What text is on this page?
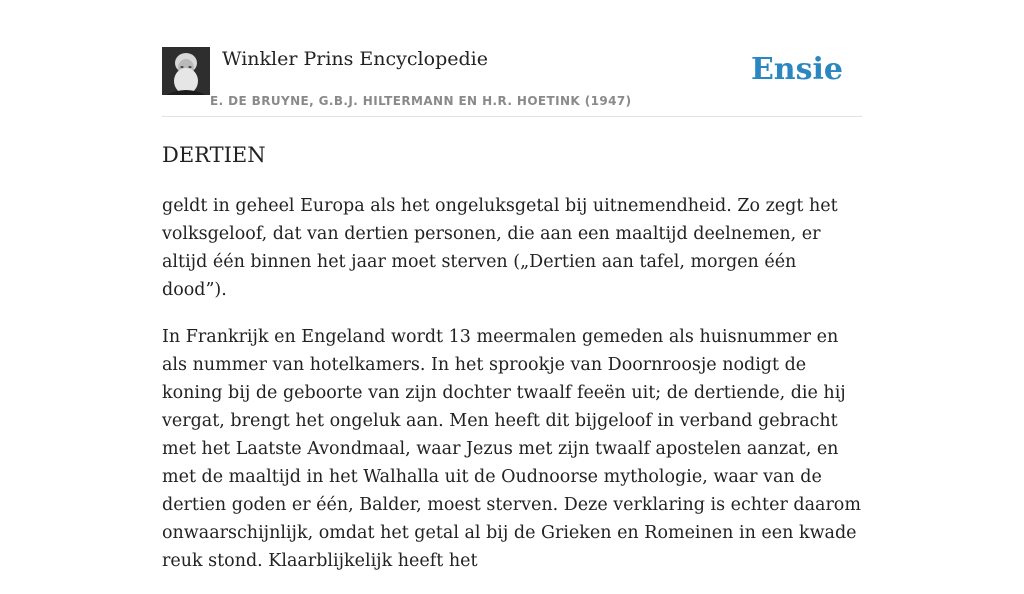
Winkler Prins Encyclopedie
E. DE BRUYNE, G.B.J. HILTERMANN EN H.R. HOETINK (1947)
Ensie
DERTIEN

geldt in geheel Europa als het ongeluksgetal bij uitnemendheid. Zo zegt het volksgeloof, dat van dertien personen, die aan een maaltijd deelnemen, er altijd één binnen het jaar moet sterven („Dertien aan tafel, morgen één dood”).

In Frankrijk en Engeland wordt 13 meermalen gemeden als huisnummer en als nummer van hotelkamers. In het sprookje van Doornroosje nodigt de koning bij de geboorte van zijn dochter twaalf feeën uit; de dertiende, die hij vergat, brengt het ongeluk aan. Men heeft dit bijgeloof in verband gebracht met het Laatste Avondmaal, waar Jezus met zijn twaalf apostelen aanzat, en met de maaltijd in het Walhalla uit de Oudnoorse mythologie, waar van de dertien goden er één, Balder, moest sterven. Deze verklaring is echter daarom onwaarschijnlijk, omdat het getal al bij de Grieken en Romeinen in een kwade reuk stond. Klaarblijkelijk heeft het
